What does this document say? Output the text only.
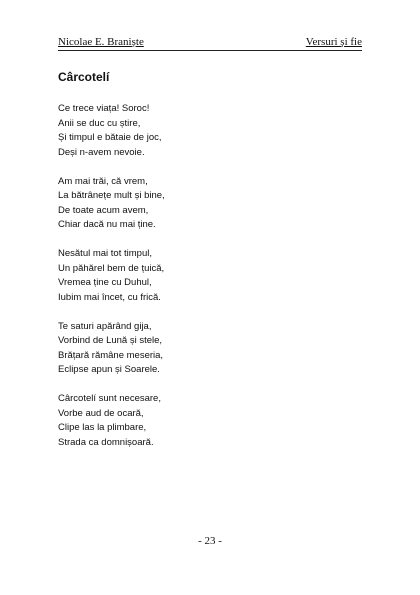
Nicolae E. Braniște	Versuri și fie
Cârcotelí

Ce trece viața! Soroc!
Anii se duc cu știre,
Și timpul e bătaie de joc,
Deși n-avem nevoie.

Am mai trăi, că vrem,
La bătrânețe mult și bine,
De toate acum avem,
Chiar dacă nu mai ține.

Nesătul mai tot timpul,
Un păhărel bem de țuică,
Vremea ține cu Duhul,
Iubim mai încet, cu frică.

Te saturi apărând gija,
Vorbind de Lună și stele,
Brățară rămâne meseria,
Eclipse apun și Soarele.

Cârcotelí sunt necesare,
Vorbe aud de ocară,
Clipe las la plimbare,
Strada ca domnișoară.

- 23 -
